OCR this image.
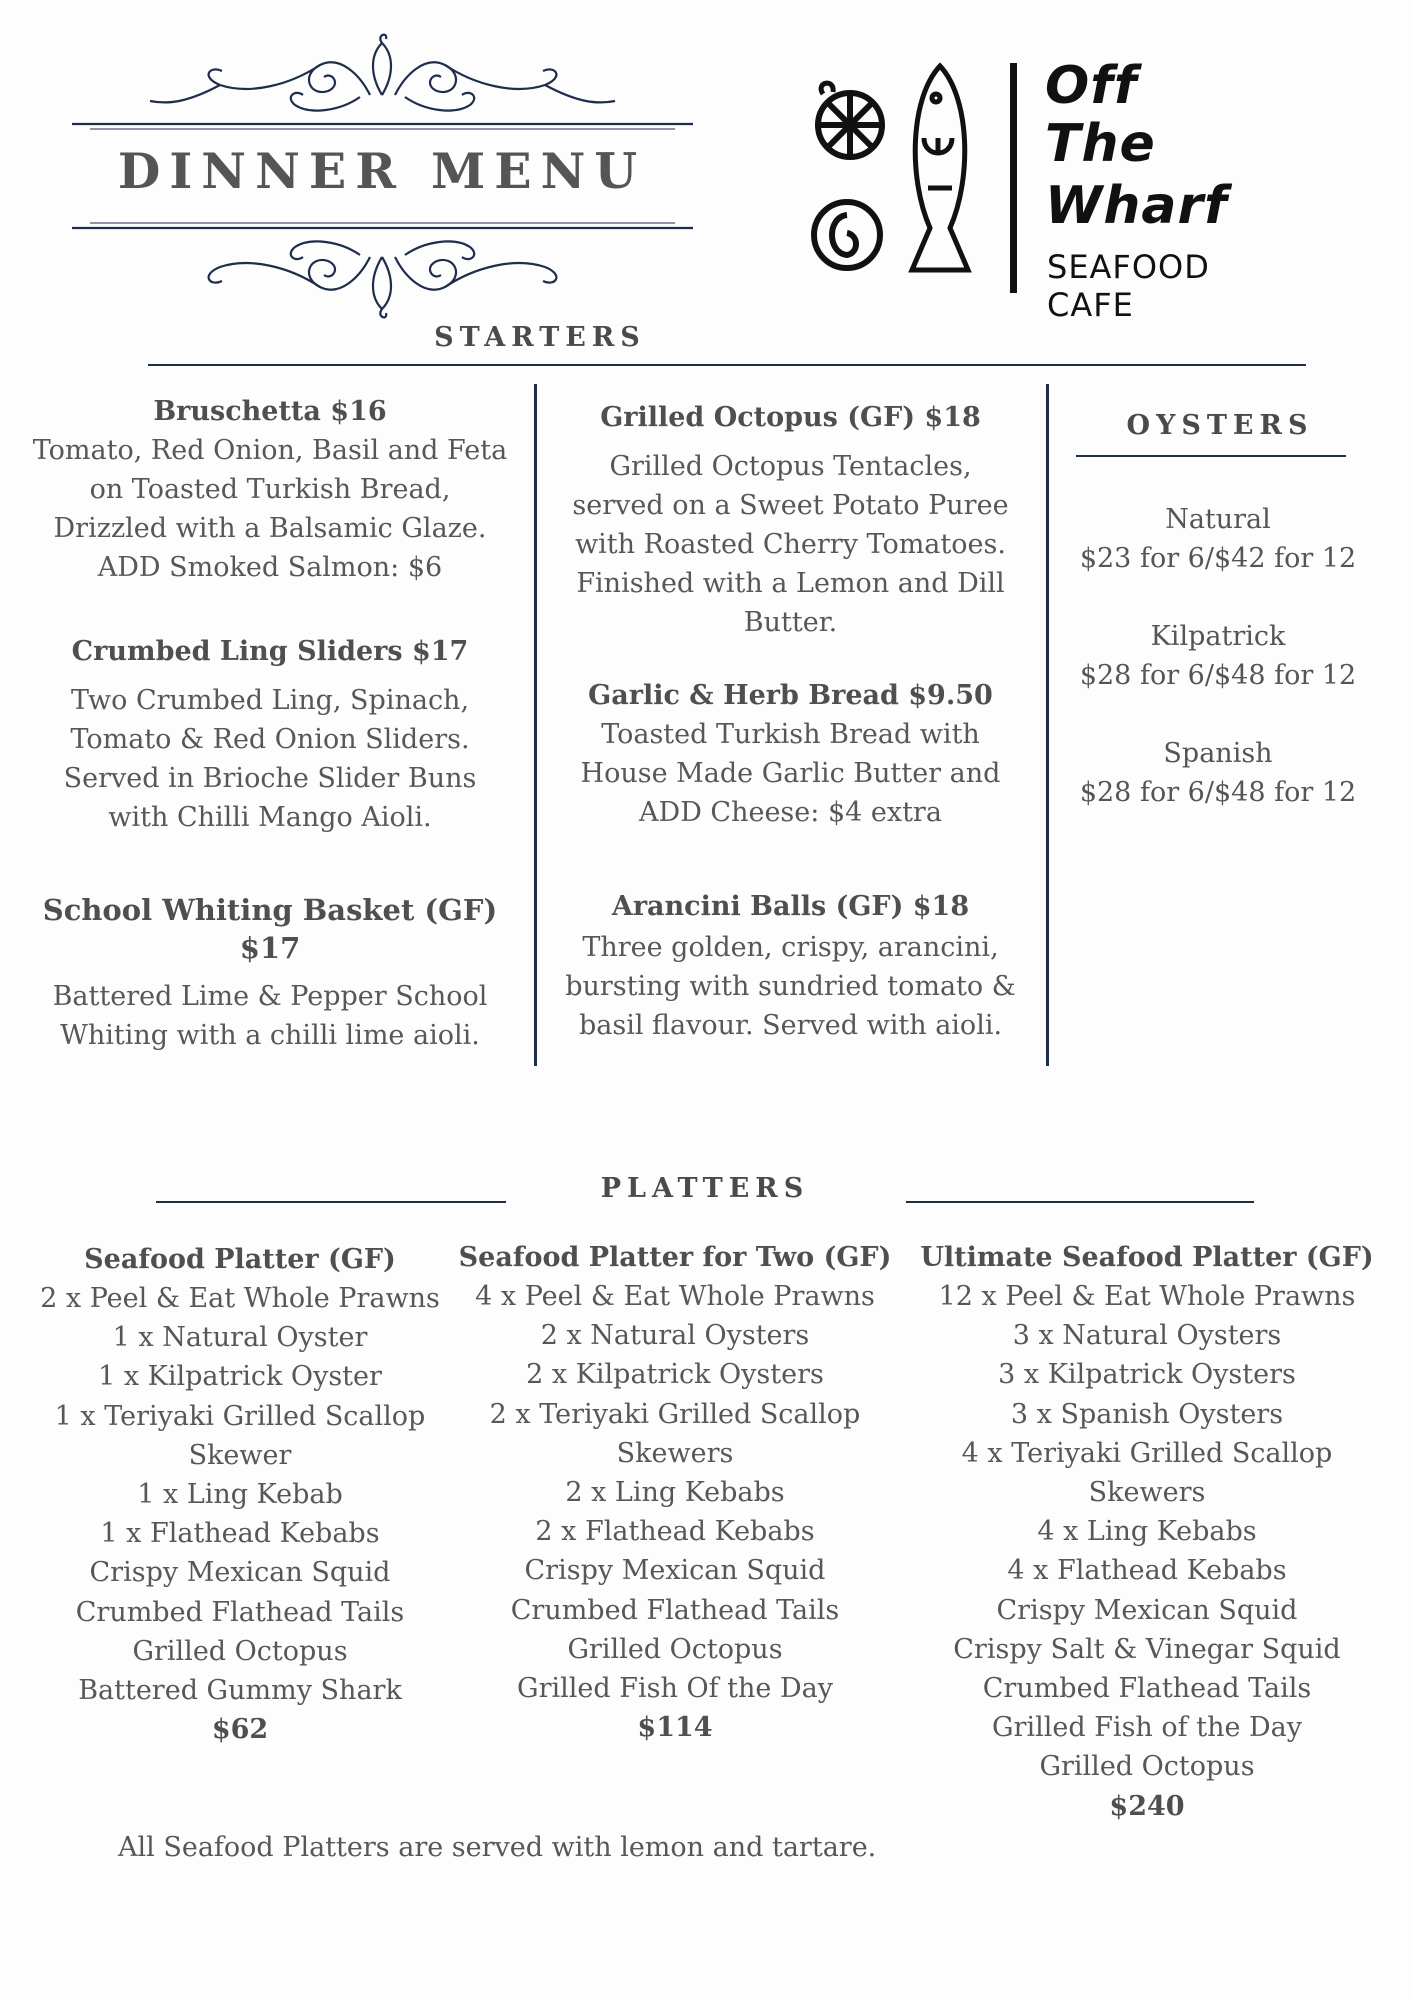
DINNER MENU
Off
The
Wharf
SEAFOOD CAFE
STARTERS
Bruschetta $16
Tomato, Red Onion, Basil and Feta
on Toasted Turkish Bread,
Drizzled with a Balsamic Glaze.
ADD Smoked Salmon: $6
Crumbed Ling Sliders $17
Two Crumbed Ling, Spinach,
Tomato & Red Onion Sliders.
Served in Brioche Slider Buns
with Chilli Mango Aioli.
School Whiting Basket (GF) $17
Battered Lime & Pepper School
Whiting with a chilli lime aioli.
Grilled Octopus (GF) $18
Grilled Octopus Tentacles,
served on a Sweet Potato Puree
with Roasted Cherry Tomatoes.
Finished with a Lemon and Dill
Butter.
Garlic & Herb Bread $9.50
Toasted Turkish Bread with
House Made Garlic Butter and
ADD Cheese: $4 extra
Arancini Balls (GF) $18
Three golden, crispy, arancini,
bursting with sundried tomato &
basil flavour. Served with aioli.
OYSTERS
Natural
$23 for 6/$42 for 12
Kilpatrick
$28 for 6/$48 for 12
Spanish
$28 for 6/$48 for 12
PLATTERS
Seafood Platter (GF)
2 x Peel & Eat Whole Prawns
1 x Natural Oyster
1 x Kilpatrick Oyster
1 x Teriyaki Grilled Scallop
Skewer
1 x Ling Kebab
1 x Flathead Kebabs
Crispy Mexican Squid
Crumbed Flathead Tails
Grilled Octopus
Battered Gummy Shark
$62
Seafood Platter for Two (GF)
4 x Peel & Eat Whole Prawns
2 x Natural Oysters
2 x Kilpatrick Oysters
2 x Teriyaki Grilled Scallop
Skewers
2 x Ling Kebabs
2 x Flathead Kebabs
Crispy Mexican Squid
Crumbed Flathead Tails
Grilled Octopus
Grilled Fish Of the Day
$114
Ultimate Seafood Platter (GF)
12 x Peel & Eat Whole Prawns
3 x Natural Oysters
3 x Kilpatrick Oysters
3 x Spanish Oysters
4 x Teriyaki Grilled Scallop
Skewers
4 x Ling Kebabs
4 x Flathead Kebabs
Crispy Mexican Squid
Crispy Salt & Vinegar Squid
Crumbed Flathead Tails
Grilled Fish of the Day
Grilled Octopus
$240
All Seafood Platters are served with lemon and tartare.
